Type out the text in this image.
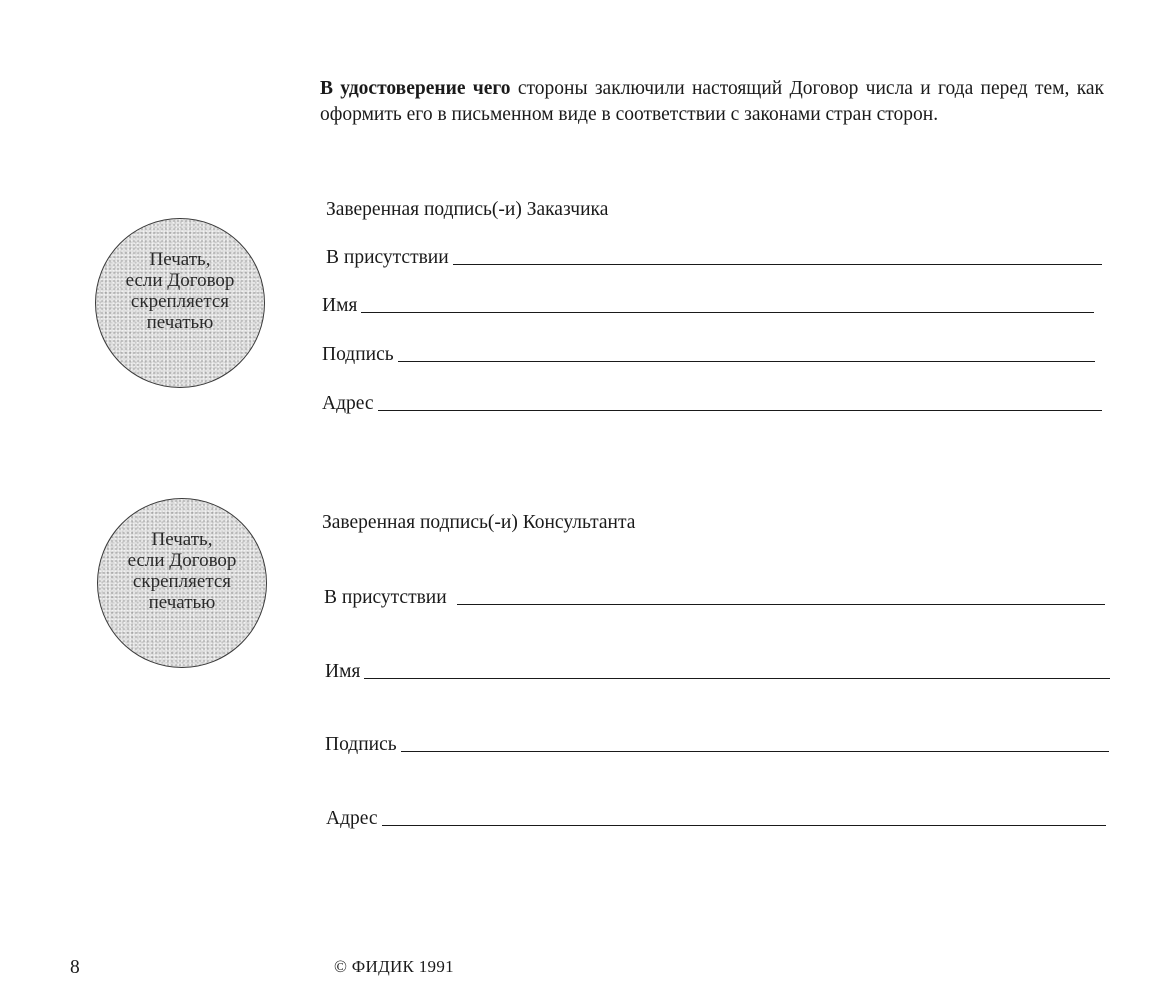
В удостоверение чего стороны заключили настоящий Договор числа и года перед тем, как оформить его в письменном виде в соответствии с законами стран сторон.

Печать,
если Договор
скрепляется
печатью
Заверенная подпись(-и) Заказчика
В присутствии
Имя
Подпись
Адрес
Печать,
если Договор
скрепляется
печатью
Заверенная подпись(-и) Консультанта
В присутствии
Имя
Подпись
Адрес
8	© ФИДИК 1991
